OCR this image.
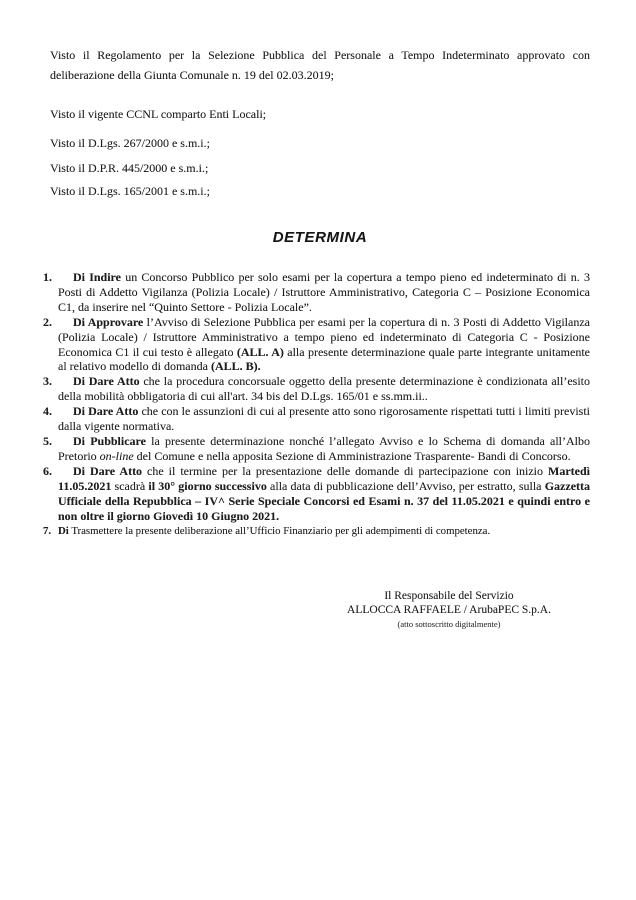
Visto il Regolamento per la Selezione Pubblica del Personale a Tempo Indeterminato approvato con deliberazione della Giunta Comunale n. 19 del 02.03.2019;

Visto il vigente CCNL comparto Enti Locali;

Visto il D.Lgs. 267/2000 e s.m.i.;

Visto il D.P.R. 445/2000 e s.m.i.;

Visto il D.Lgs. 165/2001 e s.m.i.;

DETERMINA

1. Di Indire un Concorso Pubblico per solo esami per la copertura a tempo pieno ed indeterminato di n. 3 Posti di Addetto Vigilanza (Polizia Locale) / Istruttore Amministrativo, Categoria C – Posizione Economica C1, da inserire nel “Quinto Settore - Polizia Locale”.

2. Di Approvare l’Avviso di Selezione Pubblica per esami per la copertura di n. 3 Posti di Addetto Vigilanza (Polizia Locale) / Istruttore Amministrativo a tempo pieno ed indeterminato di Categoria C - Posizione Economica C1 il cui testo è allegato (ALL. A) alla presente determinazione quale parte integrante unitamente al relativo modello di domanda (ALL. B).

3. Di Dare Atto che la procedura concorsuale oggetto della presente determinazione è condizionata all’esito della mobilità obbligatoria di cui all'art. 34 bis del D.Lgs. 165/01 e ss.mm.ii..

4. Di Dare Atto che con le assunzioni di cui al presente atto sono rigorosamente rispettati tutti i limiti previsti dalla vigente normativa.

5. Di Pubblicare la presente determinazione nonché l’allegato Avviso e lo Schema di domanda all’Albo Pretorio on-line del Comune e nella apposita Sezione di Amministrazione Trasparente- Bandi di Concorso.

6. Di Dare Atto che il termine per la presentazione delle domande di partecipazione con inizio Martedì 11.05.2021 scadrà il 30° giorno successivo alla data di pubblicazione dell’Avviso, per estratto, sulla Gazzetta Ufficiale della Repubblica – IV^ Serie Speciale Concorsi ed Esami n. 37 del 11.05.2021 e quindi entro e non oltre il giorno Giovedì 10 Giugno 2021.

7. Di Trasmettere la presente deliberazione all’Ufficio Finanziario per gli adempimenti di competenza.

Il Responsabile del Servizio
ALLOCCA RAFFAELE / ArubaPEC S.p.A.
(atto sottoscritto digitalmente)
